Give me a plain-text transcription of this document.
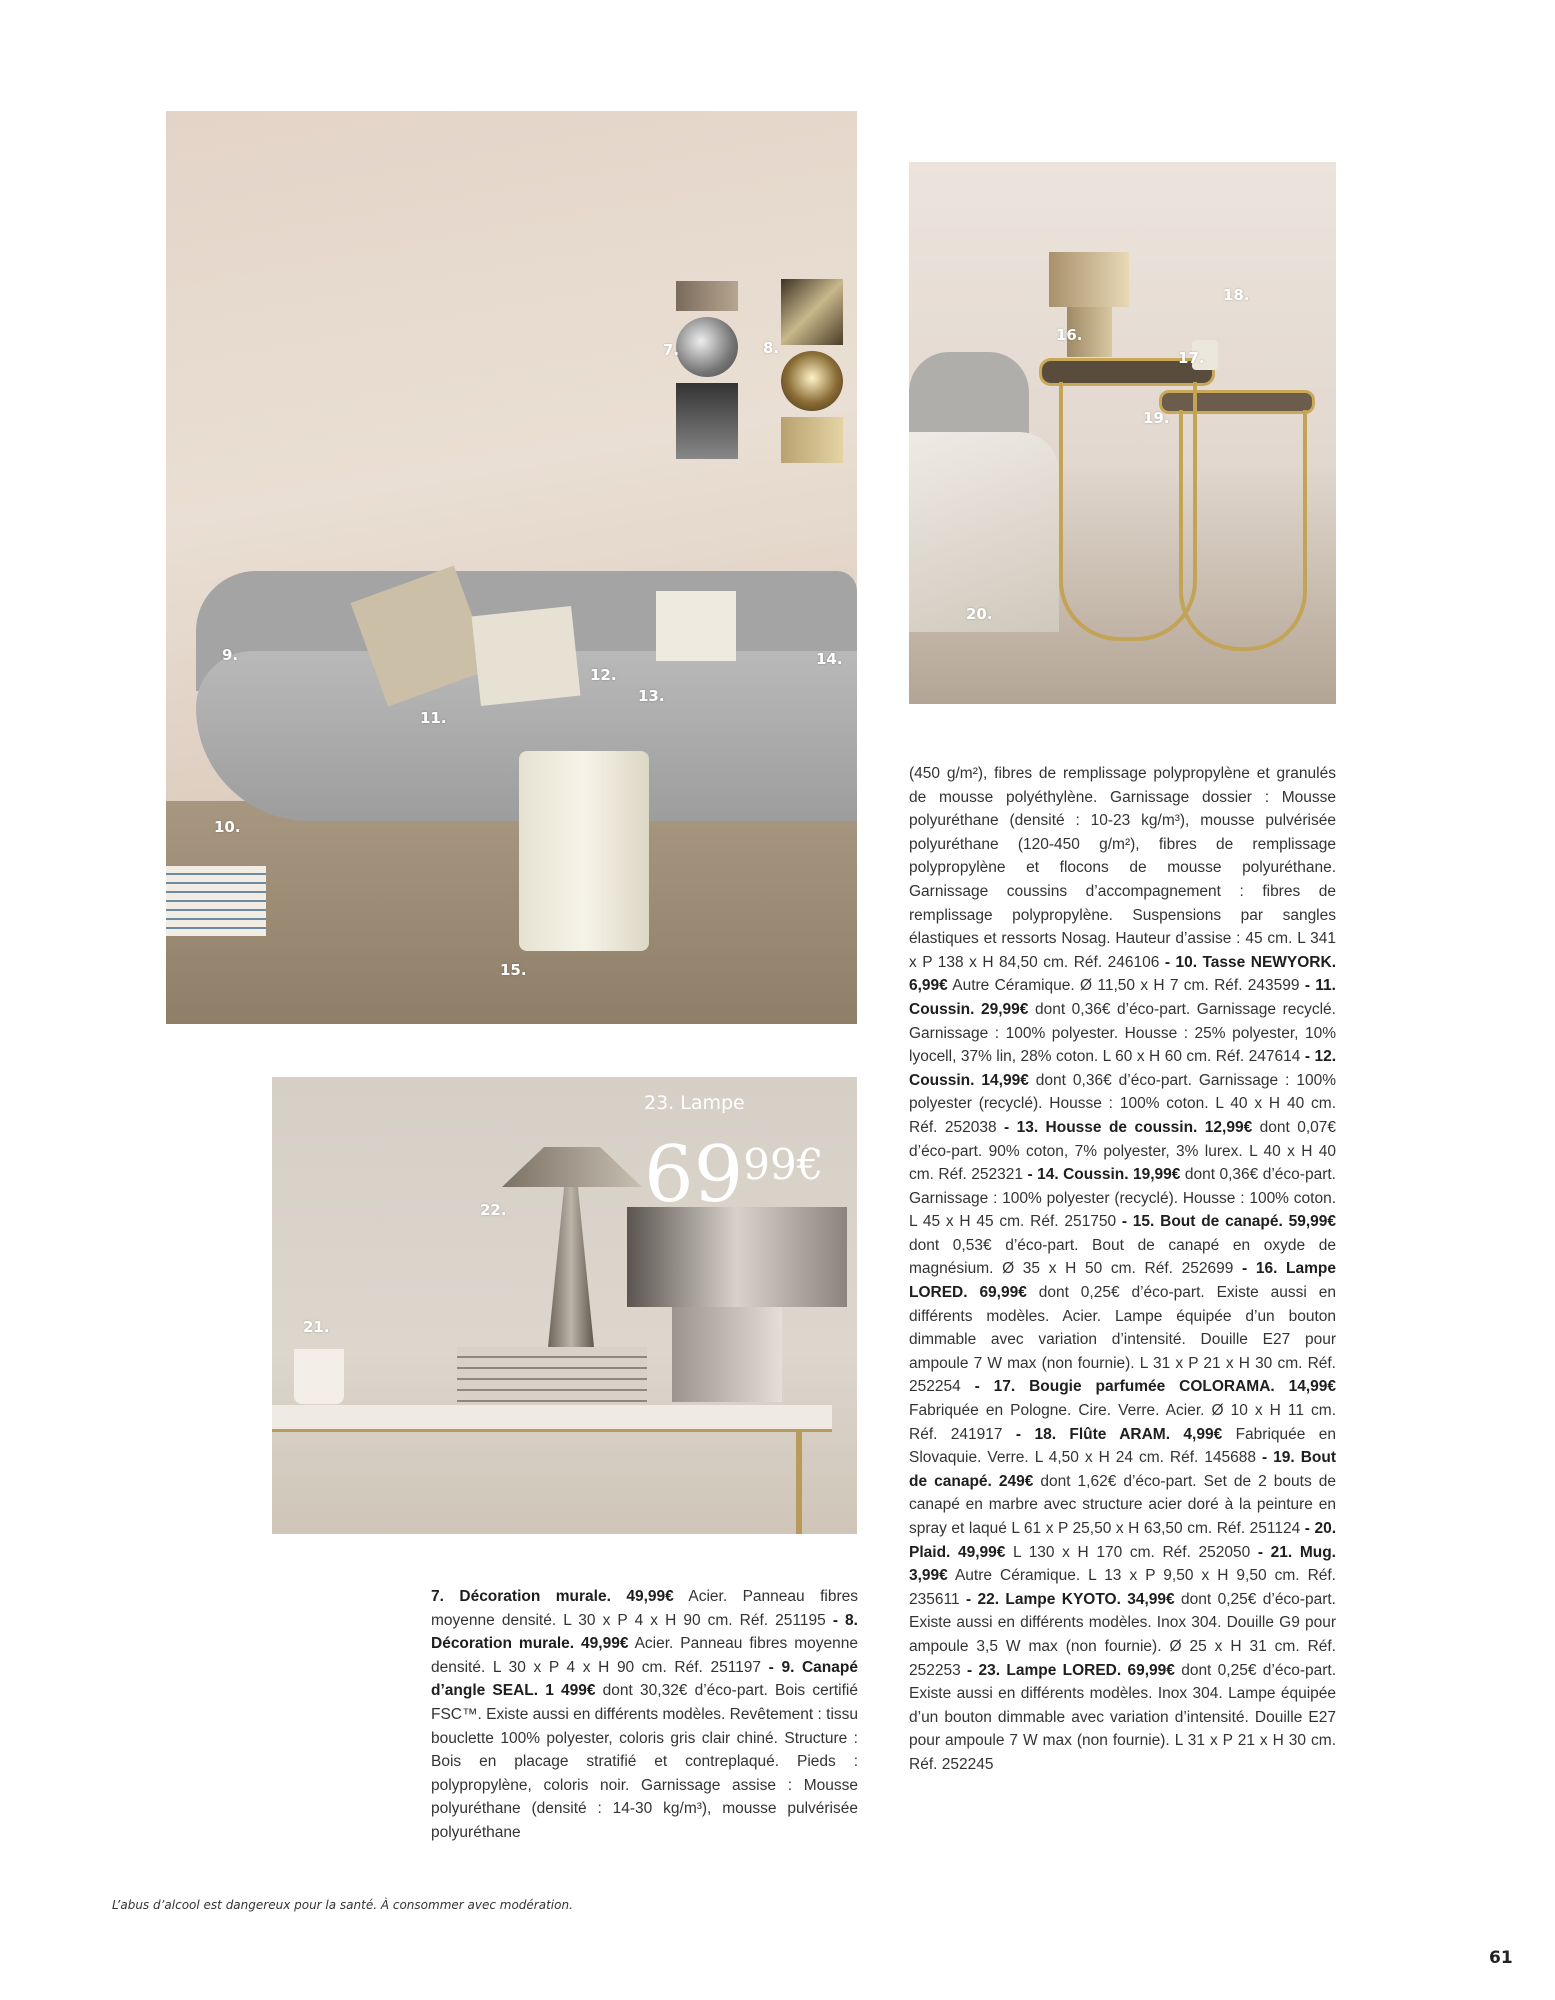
7.	8.
9.
10.
11.
12.
13.
14.
15.
16.
17.
18.
19.
20.
21.
22.
23. Lampe
6999€
7. Décoration murale. 49,99€ Acier. Panneau fibres moyenne densité. L 30 x P 4 x H 90 cm. Réf. 251195 - 8. Décoration murale. 49,99€ Acier. Panneau fibres moyenne densité. L 30 x P 4 x H 90 cm. Réf. 251197 - 9. Canapé d’angle SEAL. 1 499€ dont 30,32€ d’éco-part. Bois certifié FSC™. Existe aussi en différents modèles. Revêtement : tissu bouclette 100% polyester, coloris gris clair chiné. Structure : Bois en placage stratifié et contreplaqué. Pieds : polypropylène, coloris noir. Garnissage assise : Mousse polyuréthane (densité : 14-30 kg/m³), mousse pulvérisée polyuréthane
(450 g/m²), fibres de remplissage polypropylène et granulés de mousse polyéthylène. Garnissage dossier : Mousse polyuréthane (densité : 10-23 kg/m³), mousse pulvérisée polyuréthane (120-450 g/m²), fibres de remplissage polypropylène et flocons de mousse polyuréthane. Garnissage coussins d’accompagnement : fibres de remplissage polypropylène. Suspensions par sangles élastiques et ressorts Nosag. Hauteur d’assise : 45 cm. L 341 x P 138 x H 84,50 cm. Réf. 246106 - 10. Tasse NEWYORK. 6,99€ Autre Céramique. Ø 11,50 x H 7 cm. Réf. 243599 - 11. Coussin. 29,99€ dont 0,36€ d’éco-part. Garnissage recyclé. Garnissage : 100% polyester. Housse : 25% polyester, 10% lyocell, 37% lin, 28% coton. L 60 x H 60 cm. Réf. 247614 - 12. Coussin. 14,99€ dont 0,36€ d’éco-part. Garnissage : 100% polyester (recyclé). Housse : 100% coton. L 40 x H 40 cm. Réf. 252038 - 13. Housse de coussin. 12,99€ dont 0,07€ d’éco-part. 90% coton, 7% polyester, 3% lurex. L 40 x H 40 cm. Réf. 252321 - 14. Coussin. 19,99€ dont 0,36€ d’éco-part. Garnissage : 100% polyester (recyclé). Housse : 100% coton. L 45 x H 45 cm. Réf. 251750 - 15. Bout de canapé. 59,99€ dont 0,53€ d’éco-part. Bout de canapé en oxyde de magnésium. Ø 35 x H 50 cm. Réf. 252699 - 16. Lampe LORED. 69,99€ dont 0,25€ d’éco-part. Existe aussi en différents modèles. Acier. Lampe équipée d’un bouton dimmable avec variation d’intensité. Douille E27 pour ampoule 7 W max (non fournie). L 31 x P 21 x H 30 cm. Réf. 252254 - 17. Bougie parfumée COLORAMA. 14,99€ Fabriquée en Pologne. Cire. Verre. Acier. Ø 10 x H 11 cm. Réf. 241917 - 18. Flûte ARAM. 4,99€ Fabriquée en Slovaquie. Verre. L 4,50 x H 24 cm. Réf. 145688 - 19. Bout de canapé. 249€ dont 1,62€ d’éco-part. Set de 2 bouts de canapé en marbre avec structure acier doré à la peinture en spray et laqué L 61 x P 25,50 x H 63,50 cm. Réf. 251124 - 20. Plaid. 49,99€ L 130 x H 170 cm. Réf. 252050 - 21. Mug. 3,99€ Autre Céramique. L 13 x P 9,50 x H 9,50 cm. Réf. 235611 - 22. Lampe KYOTO. 34,99€ dont 0,25€ d’éco-part. Existe aussi en différents modèles. Inox 304. Douille G9 pour ampoule 3,5 W max (non fournie). Ø 25 x H 31 cm. Réf. 252253 - 23. Lampe LORED. 69,99€ dont 0,25€ d’éco-part. Existe aussi en différents modèles. Inox 304. Lampe équipée d’un bouton dimmable avec variation d’intensité. Douille E27 pour ampoule 7 W max (non fournie). L 31 x P 21 x H 30 cm. Réf. 252245
L’abus d’alcool est dangereux pour la santé. À consommer avec modération.
61
